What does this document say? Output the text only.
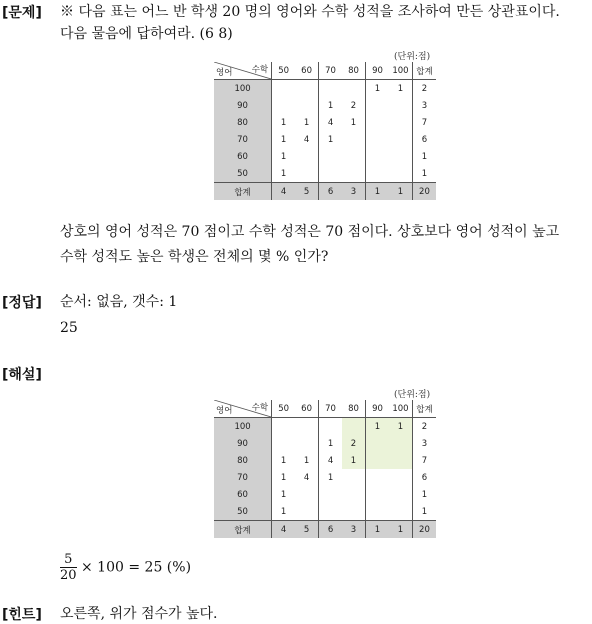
[문제] ※ 다음 표는 어느 반 학생 20 명의 영어와 수학 성적을 조사하여 만든 상관표이다.
다음 물음에 답하여라. (6 8)
(단위:점)
수학
영어	50	60	70	80	90	100	합계
100					1	1	2
90			1	2			3
80	1	1	4	1			7
70	1	4	1				6
60	1						1
50	1						1
합계	4	5	6	3	1	1	20
상호의 영어 성적은 70 점이고 수학 성적은 70 점이다. 상호보다 영어 성적이 높고
수학 성적도 높은 학생은 전체의 몇 % 인가?
[정답] 순서: 없음, 갯수: 1
25
[해설]
(단위:점)
수학
영어	50	60	70	80	90	100	합계
100					1	1	2
90			1	2			3
80	1	1	4	1			7
70	1	4	1				6
60	1						1
50	1						1
합계	4	5	6	3	1	1	20
$\frac{5}{20} \times 100 = 25$ (%)
[힌트] 오른쪽, 위가 점수가 높다.
